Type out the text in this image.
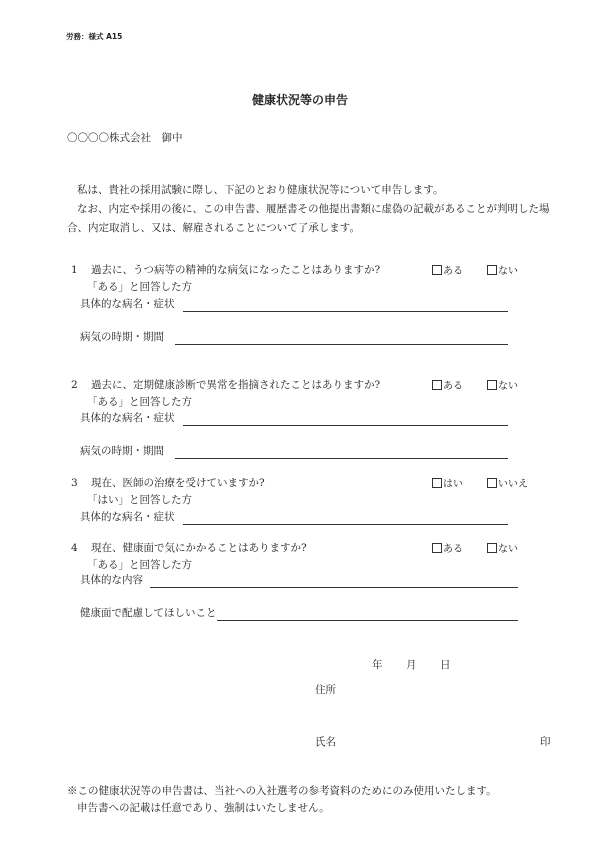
労務：様式 A15
健康状況等の申告
〇〇〇〇株式会社　御中

私は、貴社の採用試験に際し、下記のとおり健康状況等について申告します。

なお、内定や採用の後に、この申告書、履歴書その他提出書類に虚偽の記載があることが判明した場

合、内定取消し、又は、解雇されることについて了承します。

1 過去に、うつ病等の精神的な病気になったことはありますか?	ある	ない
「ある」と回答した方
具体的な病名・症状
病気の時期・期間
2 過去に、定期健康診断で異常を指摘されたことはありますか?	ある	ない
「ある」と回答した方
具体的な病名・症状
病気の時期・期間
3 現在、医師の治療を受けていますか?	はい	いいえ
「はい」と回答した方
具体的な病名・症状
4 現在、健康面で気にかかることはありますか?	ある	ない
「ある」と回答した方
具体的な内容
健康面で配慮してほしいこと
年 月 日
住所
氏名	印

※この健康状況等の申告書は、当社への入社選考の参考資料のためにのみ使用いたします。

申告書への記載は任意であり、強制はいたしません。
